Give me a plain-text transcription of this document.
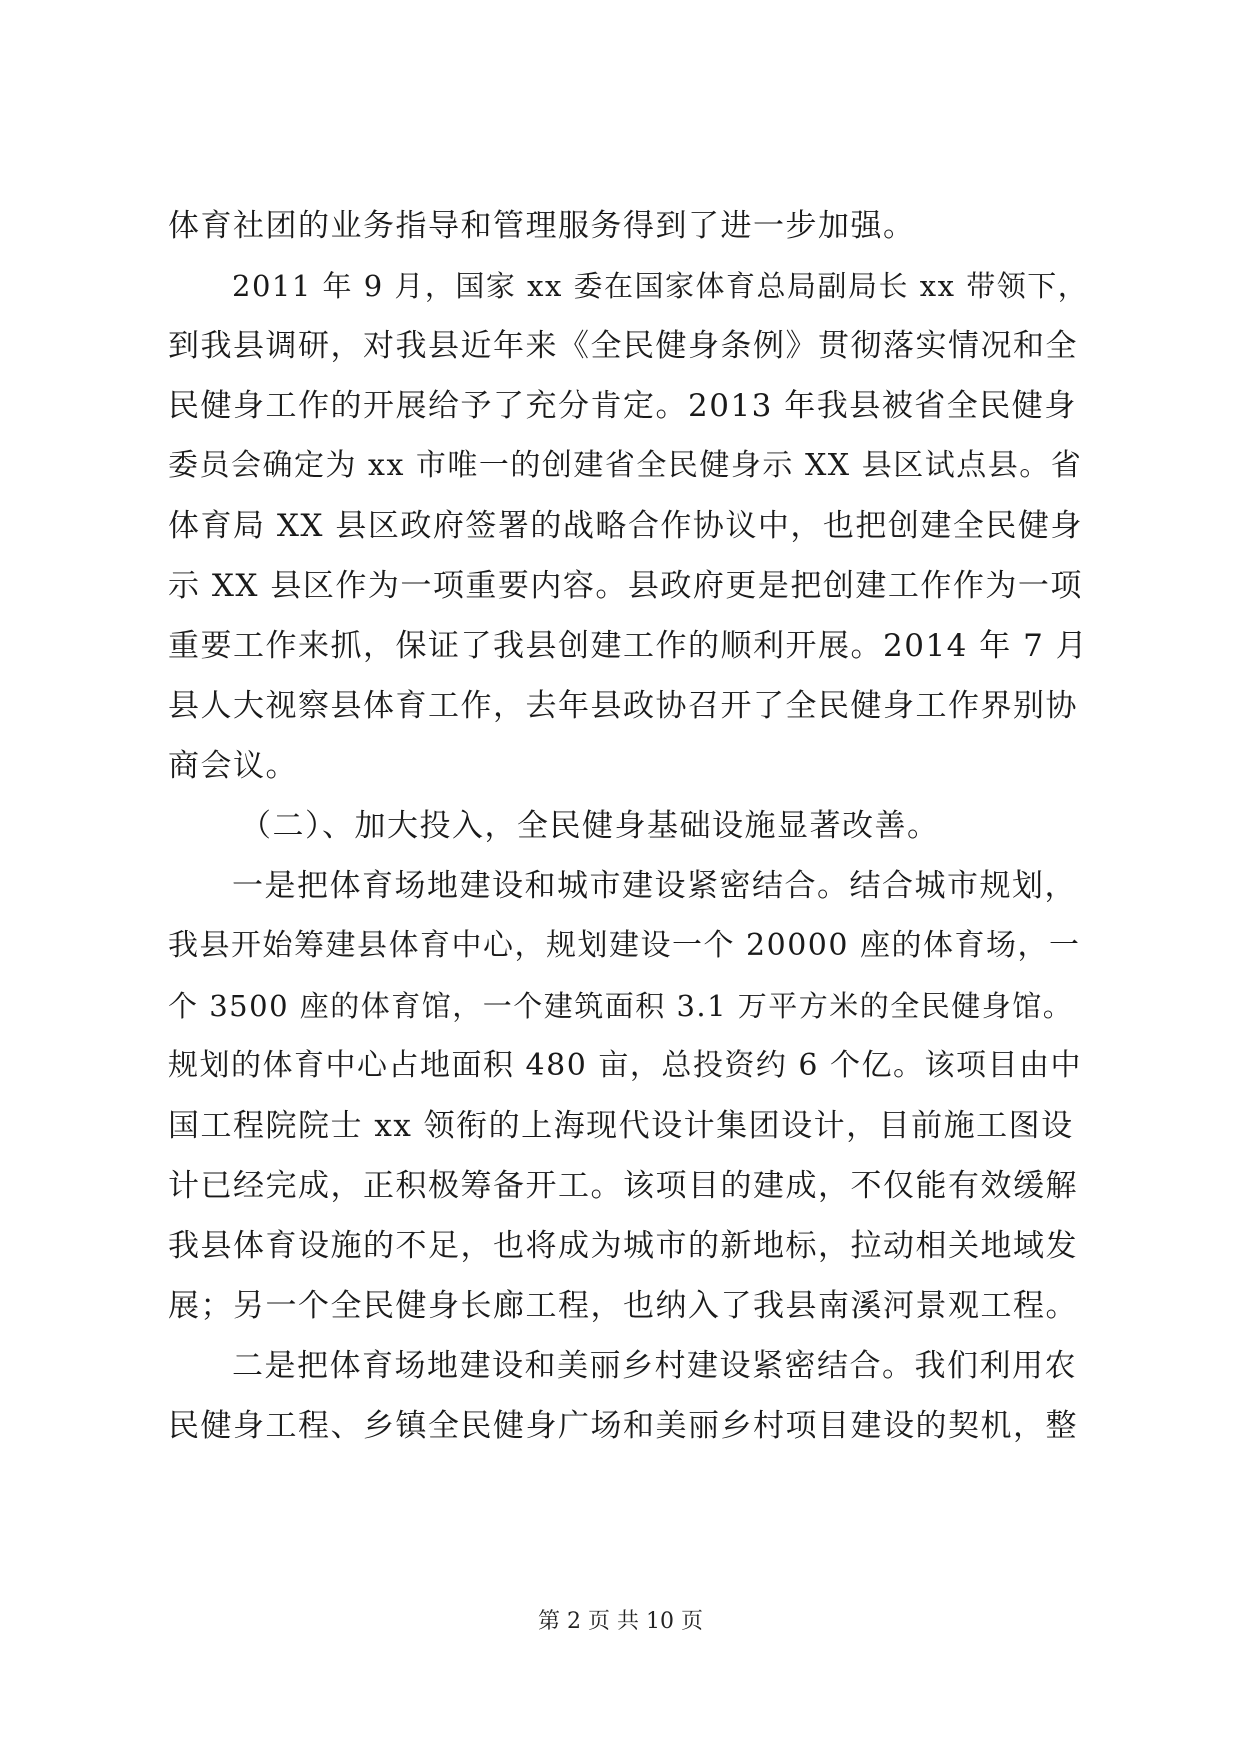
体育社团的业务指导和管理服务得到了进一步加强。
2011 年 9 月，国家 xx 委在国家体育总局副局长 xx 带领下，
到我县调研，对我县近年来《全民健身条例》贯彻落实情况和全
民健身工作的开展给予了充分肯定。2013 年我县被省全民健身
委员会确定为 xx 市唯一的创建省全民健身示 XX 县区试点县。省
体育局 XX 县区政府签署的战略合作协议中，也把创建全民健身
示 XX 县区作为一项重要内容。县政府更是把创建工作作为一项
重要工作来抓，保证了我县创建工作的顺利开展。2014 年 7 月
县人大视察县体育工作，去年县政协召开了全民健身工作界别协
商会议。
（二）、加大投入，全民健身基础设施显著改善。
一是把体育场地建设和城市建设紧密结合。结合城市规划，
我县开始筹建县体育中心，规划建设一个 20000 座的体育场，一
个 3500 座的体育馆，一个建筑面积 3.1 万平方米的全民健身馆。
规划的体育中心占地面积 480 亩，总投资约 6 个亿。该项目由中
国工程院院士 xx 领衔的上海现代设计集团设计，目前施工图设
计已经完成，正积极筹备开工。该项目的建成，不仅能有效缓解
我县体育设施的不足，也将成为城市的新地标，拉动相关地域发
展；另一个全民健身长廊工程，也纳入了我县南溪河景观工程。
二是把体育场地建设和美丽乡村建设紧密结合。我们利用农
民健身工程、乡镇全民健身广场和美丽乡村项目建设的契机，整
第 2 页 共 10 页
